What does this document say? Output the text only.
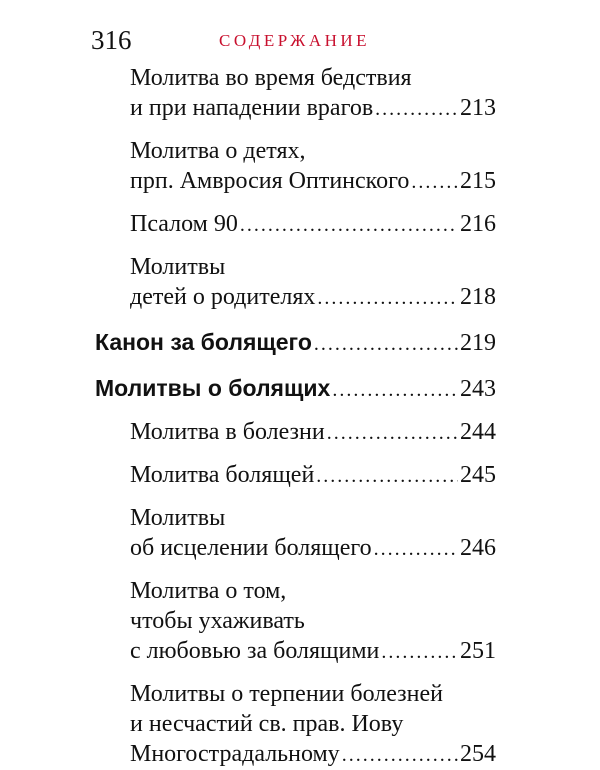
316	СОДЕРЖАНИЕ
Молитва во время бедствия
и при нападении врагов .....	213
Молитва о детях,
прп. Амвросия Оптинского ..... 215
Псалом 90 .....	216
Молитвы
детей о родителях .....	218
Канон за болящего .....	219
Молитвы о болящих .....	243
Молитва в болезни .....	244
Молитва болящей .....	245
Молитвы
об исцелении болящего .....	246
Молитва о том,
чтобы ухаживать
с любовью за болящими .....	251
Молитвы о терпении болезней
и несчастий св. прав. Иову
Многострадальному .....	254
